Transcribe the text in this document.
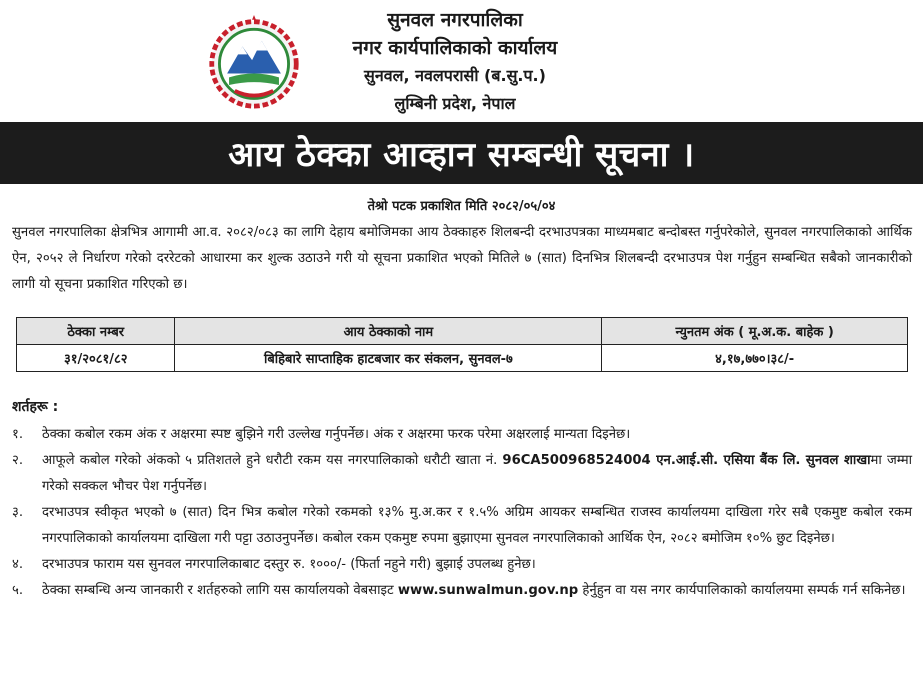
सुनवल नगरपालिका
नगर कार्यपालिकाको कार्यालय
सुनवल, नवलपरासी (ब.सु.प.)
लुम्बिनी प्रदेश, नेपाल
आय ठेक्का आव्हान सम्बन्धी सूचना ।
तेश्रो पटक प्रकाशित मिति २०८२/०५/०४
सुनवल नगरपालिका क्षेत्रभित्र आगामी आ.व. २०८२/०८३ का लागि देहाय बमोजिमका आय ठेक्काहरु शिलबन्दी दरभाउपत्रका माध्यमबाट बन्दोबस्त गर्नुपरेकोले, सुनवल नगरपालिकाको आर्थिक ऐन, २०५२ ले निर्धारण गरेको दररेटको आधारमा कर शुल्क उठाउने गरी यो सूचना प्रकाशित भएको मितिले ७ (सात) दिनभित्र शिलबन्दी दरभाउपत्र पेश गर्नुहुन सम्बन्धित सबैको जानकारीको लागी यो सूचना प्रकाशित गरिएको छ।
ठेक्का नम्बर	आय ठेक्काको नाम	न्युनतम अंक ( मू.अ.क. बाहेक )
३१/२०८१/८२	बिहिबारे साप्ताहिक हाटबजार कर संकलन, सुनवल-७	४,१७,७७०।३८/-
शर्तहरू :
१.	ठेक्का कबोल रकम अंक र अक्षरमा स्पष्ट बुझिने गरी उल्लेख गर्नुपर्नेछ। अंक र अक्षरमा फरक परेमा अक्षरलाई मान्यता दिइनेछ।
२.	आफूले कबोल गरेको अंकको ५ प्रतिशतले हुने धरौटी रकम यस नगरपालिकाको धरौटी खाता नं. 96CA500968524004 एन.आई.सी. एसिया बैंक लि. सुनवल शाखामा जम्मा गरेको सक्कल भौचर पेश गर्नुपर्नेछ।
३.	दरभाउपत्र स्वीकृत भएको ७ (सात) दिन भित्र कबोल गरेको रकमको १३% मु.अ.कर र १.५% अग्रिम आयकर सम्बन्धित राजस्व कार्यालयमा दाखिला गरेर सबै एकमुष्ट कबोल रकम नगरपालिकाको कार्यालयमा दाखिला गरी पट्टा उठाउनुपर्नेछ। कबोल रकम एकमुष्ट रुपमा बुझाएमा सुनवल नगरपालिकाको आर्थिक ऐन, २०८२ बमोजिम १०% छुट दिइनेछ।
४.	दरभाउपत्र फाराम यस सुनवल नगरपालिकाबाट दस्तुर रु. १०००/- (फिर्ता नहुने गरी) बुझाई उपलब्ध हुनेछ।
५.	ठेक्का सम्बन्धि अन्य जानकारी र शर्तहरुको लागि यस कार्यालयको वेबसाइट www.sunwalmun.gov.np हेर्नुहुन वा यस नगर कार्यपालिकाको कार्यालयमा सम्पर्क गर्न सकिनेछ।
